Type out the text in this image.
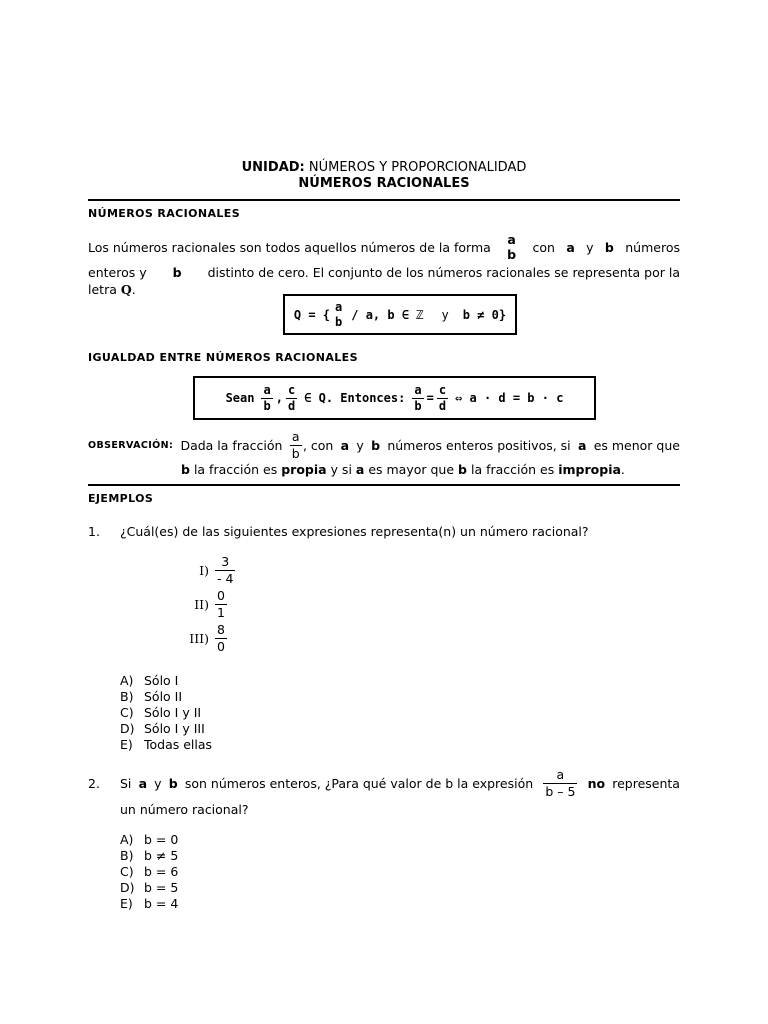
UNIDAD: NÚMEROS Y PROPORCIONALIDAD
NÚMEROS RACIONALES
NÚMEROS RACIONALES
Los números racionales son todos aquellos números de la forma
a
b con a y b números
enteros y b distinto de cero. El conjunto de los números racionales se representa por la
letra Q.
Q = {
a
b / a, b ∈ ℤ y b ≠ 0}
IGUALDAD ENTRE NÚMEROS RACIONALES
Sean $\frac{a}{b}$ , $\frac{c}{d}$ ∈ Q. Entonces: $\frac{a}{b} = \frac{c}{d}$ ⇔ a · d = b · c
OBSERVACIÓN: Dada la fracción $\frac{a}{b}$ , con a y b números enteros positivos, si a es menor que
b la fracción es propia y si a es mayor que b la fracción es impropia.
EJEMPLOS
1. ¿Cuál(es) de las siguientes expresiones representa(n) un número racional?
$I) \frac{3}{- 4}$
$II) \frac{0}{1}$
$III) \frac{8}{0}$
A) Sólo I
B) Sólo II
C) Sólo I y II
D) Sólo I y III
E) Todas ellas
2. Si a y b son números enteros, ¿Para qué valor de b la expresión $\frac{a}{b - 5}$ no representa
un número racional?
A) b = 0
B) b ≠ 5
C) b = 6
D) b = 5
E) b = 4
